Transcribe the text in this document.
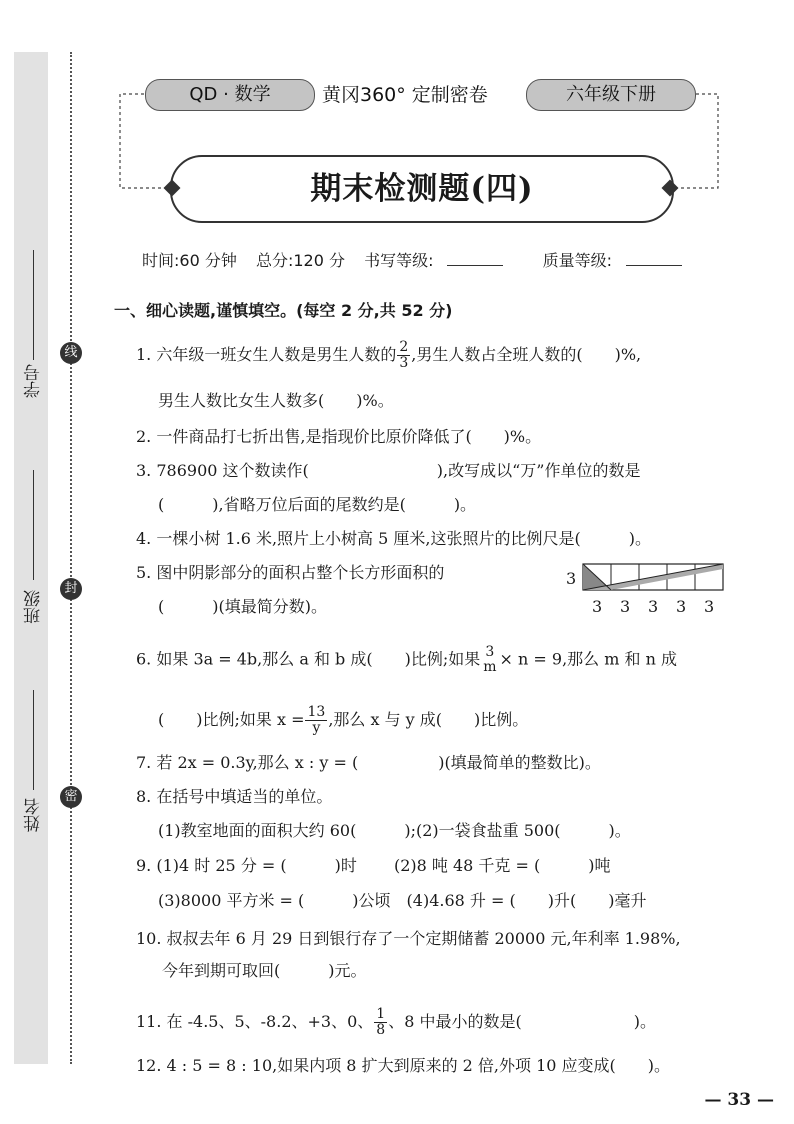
学号
班级
姓名
线
封
密
QD · 数学	黄冈360° 定制密卷	六年级下册
期末检测题(四)
时间:60 分钟 总分:120 分 书写等级:	质量等级:
一、细心读题,谨慎填空。(每空 2 分,共 52 分)
1. 六年级一班女生人数是男生人数的 $\frac{2}{3}$ ,男生人数占全班人数的(　　)%,
男生人数比女生人数多(　　)%。
2. 一件商品打七折出售,是指现价比原价降低了(　　)%。
3. 786900 这个数读作(　　　　　　　　),改写成以“万”作单位的数是
(　　　),省略万位后面的尾数约是(　　　)。
4. 一棵小树 1.6 米,照片上小树高 5 厘米,这张照片的比例尺是(　　　)。
5. 图中阴影部分的面积占整个长方形面积的
(　　　)(填最简分数)。
3
3 3 3 3 3
6. 如果 3a = 4b,那么 a 和 b 成(　　)比例;如果 3
m × n = 9,那么 m 和 n 成
(　　)比例;如果 $x = \frac{13}{y}$ ,那么 x 与 y 成(　　)比例。
7. 若 2x = 0.3y,那么 x : y = (　　　　　)(填最简单的整数比)。
8. 在括号中填适当的单位。
(1)教室地面的面积大约 60(　　　);(2)一袋食盐重 500(　　　)。
9. (1)4 时 25 分 = (　　　)时　　 (2)8 吨 48 千克 = (　　　)吨
(3)8000 平方米 = (　　　)公顷　(4)4.68 升 = (　　)升(　　)毫升
10. 叔叔去年 6 月 29 日到银行存了一个定期储蓄 20000 元,年利率 1.98%,
今年到期可取回(　　　)元。
11. 在 -4.5、5、-8.2、+3、0、 $\frac{1}{8}$ 、8 中最小的数是(　　　　　　　)。
12. 4 : 5 = 8 : 10,如果内项 8 扩大到原来的 2 倍,外项 10 应变成(　　)。
— 33 —
